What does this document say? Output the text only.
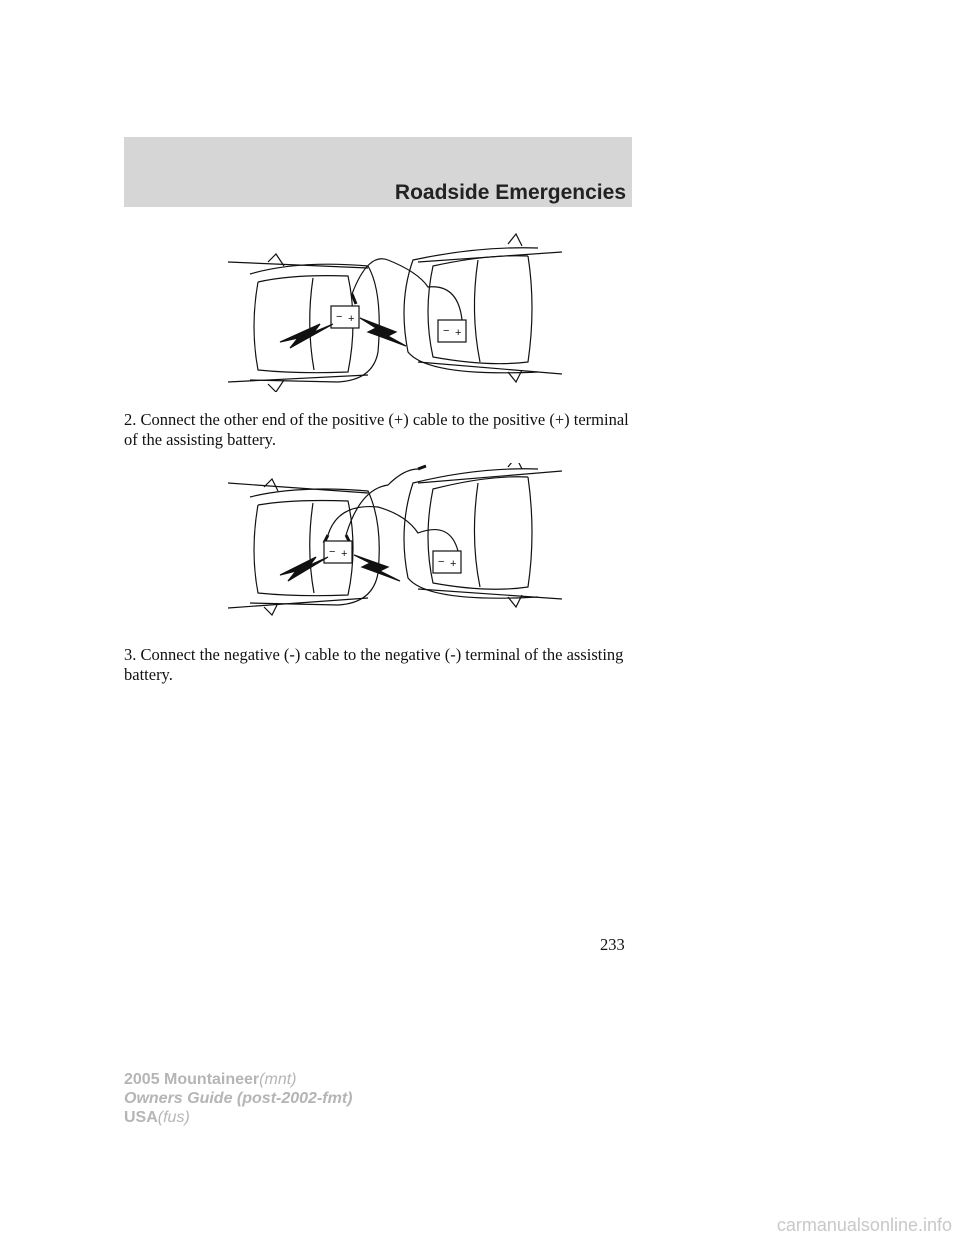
Roadside Emergencies
− +
− +
2. Connect the other end of the positive (+) cable to the positive (+) terminal of the assisting battery.
− +
− +
3. Connect the negative (-) cable to the negative (-) terminal of the assisting battery.
233
2005 Mountaineer(mnt)
Owners Guide (post-2002-fmt)
USA(fus)
carmanualsonline.info
